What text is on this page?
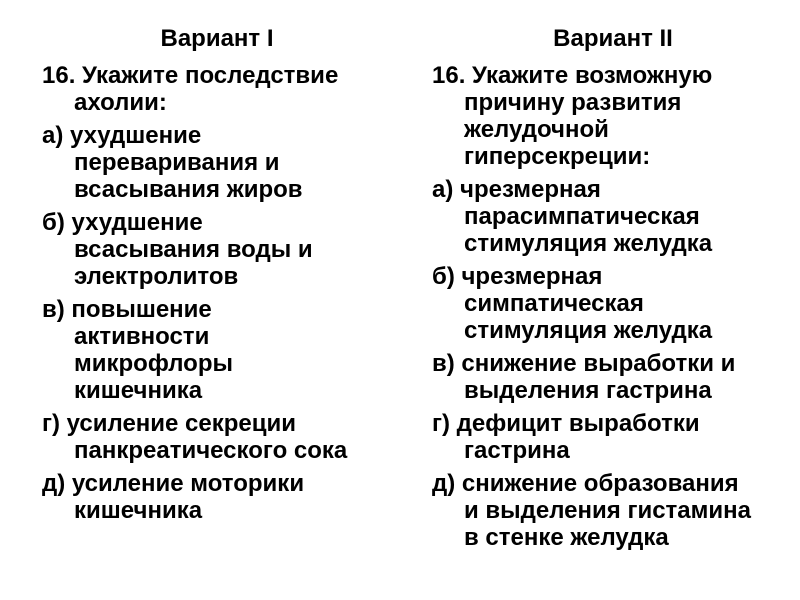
Вариант I
16. Укажите последствие
ахолии:
а) ухудшение
переваривания и
всасывания жиров
б) ухудшение
всасывания воды и
электролитов
в) повышение
активности
микрофлоры
кишечника
г) усиление секреции
панкреатического сока
д) усиление моторики
кишечника
Вариант II
16. Укажите возможную
причину развития
желудочной
гиперсекреции:
а) чрезмерная
парасимпатическая
стимуляция желудка
б) чрезмерная
симпатическая
стимуляция желудка
в) снижение выработки и
выделения гастрина
г) дефицит выработки
гастрина
д) снижение образования
и выделения гистамина
в стенке желудка
